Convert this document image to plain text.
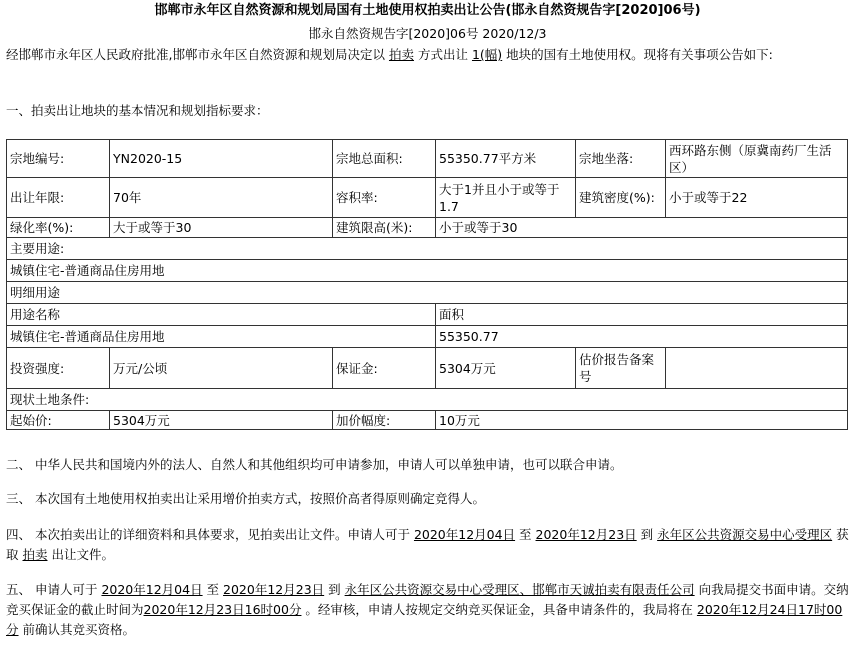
邯郸市永年区自然资源和规划局国有土地使用权拍卖出让公告(邯永自然资规告字[2020]06号)
邯永自然资规告字[2020]06号 2020/12/3
经邯郸市永年区人民政府批准,邯郸市永年区自然资源和规划局决定以 拍卖 方式出让 1(幅) 地块的国有土地使用权。现将有关事项公告如下:
一、拍卖出让地块的基本情况和规划指标要求：
宗地编号:	YN2020-15	宗地总面积:	55350.77平方米	宗地坐落:	西环路东侧（原冀南药厂生活区）
出让年限:	70年	容积率:	大于1并且小于或等于1.7	建筑密度(%):	小于或等于22
绿化率(%):	大于或等于30	建筑限高(米):	小于或等于30		
主要用途:					
城镇住宅-普通商品住房用地					
明细用途					
用途名称			面积		
城镇住宅-普通商品住房用地			55350.77		
投资强度:	万元/公顷	保证金:	5304万元	估价报告备案号	
现状土地条件:					
起始价:	5304万元	加价幅度:	10万元		
二、 中华人民共和国境内外的法人、自然人和其他组织均可申请参加，申请人可以单独申请，也可以联合申请。
三、 本次国有土地使用权拍卖出让采用增价拍卖方式，按照价高者得原则确定竞得人。
四、 本次拍卖出让的详细资料和具体要求，见拍卖出让文件。申请人可于 2020年12月04日 至 2020年12月23日 到 永年区公共资源交易中心受理区 获取 拍卖 出让文件。
五、 申请人可于 2020年12月04日 至 2020年12月23日 到 永年区公共资源交易中心受理区、邯郸市天诚拍卖有限责任公司 向我局提交书面申请。交纳竞买保证金的截止时间为2020年12月23日16时00分 。经审核，申请人按规定交纳竞买保证金，具备申请条件的，我局将在 2020年12月24日17时00分 前确认其竞买资格。
